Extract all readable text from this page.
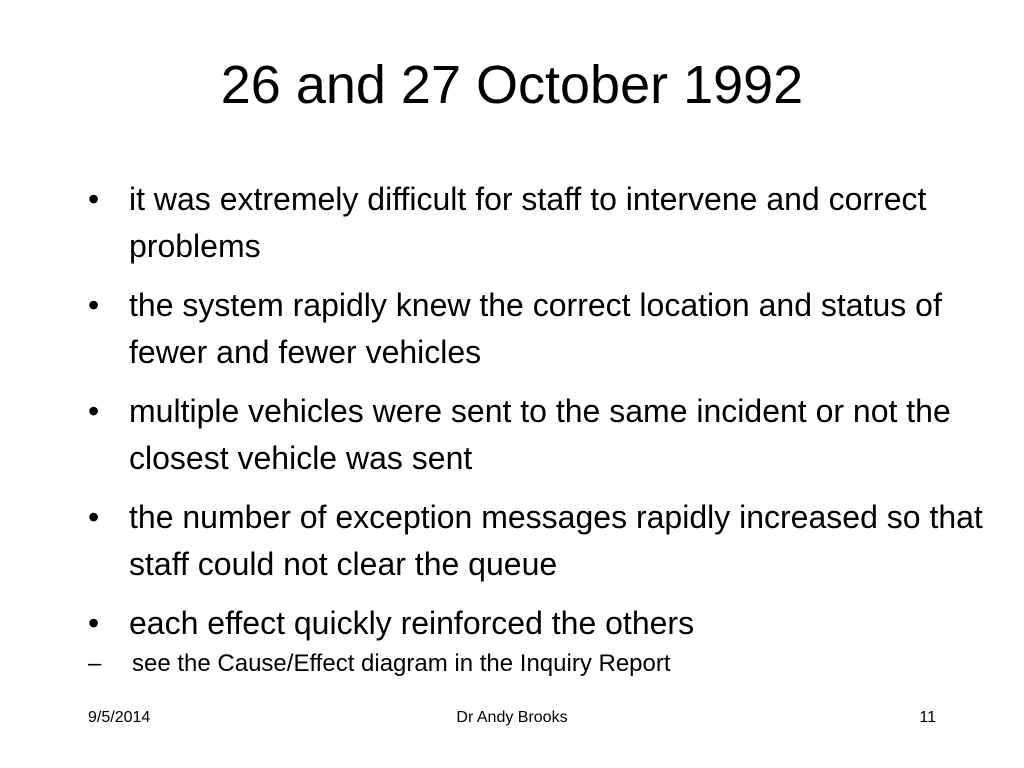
26 and 27 October 1992
• it was extremely difficult for staff to intervene and correct problems
• the system rapidly knew the correct location and status of fewer and fewer vehicles
• multiple vehicles were sent to the same incident or not the closest vehicle was sent
• the number of exception messages rapidly increased so that staff could not clear the queue
• each effect quickly reinforced the others
– see the Cause/Effect diagram in the Inquiry Report
9/5/2014	Dr Andy Brooks	11
